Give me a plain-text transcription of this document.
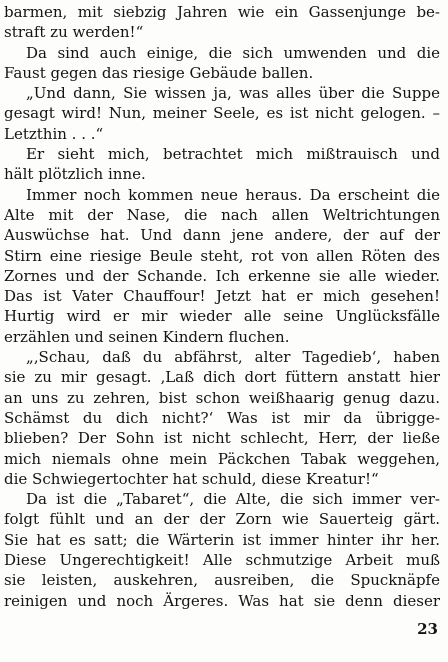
barmen, mit siebzig Jahren wie ein Gassenjunge be-
straft zu werden!“
Da sind auch einige, die sich umwenden und die
Faust gegen das riesige Gebäude ballen.
„Und dann, Sie wissen ja, was alles über die Suppe
gesagt wird! Nun, meiner Seele, es ist nicht gelogen. –
Letzthin . . .“
Er sieht mich, betrachtet mich mißtrauisch und
hält plötzlich inne.
Immer noch kommen neue heraus. Da erscheint die
Alte mit der Nase, die nach allen Weltrichtungen
Auswüchse hat. Und dann jene andere, der auf der
Stirn eine riesige Beule steht, rot von allen Röten des
Zornes und der Schande. Ich erkenne sie alle wieder.
Das ist Vater Chauffour! Jetzt hat er mich gesehen!
Hurtig wird er mir wieder alle seine Unglücksfälle
erzählen und seinen Kindern fluchen.
„‚Schau, daß du abfährst, alter Tagedieb‘, haben
sie zu mir gesagt. ‚Laß dich dort füttern anstatt hier
an uns zu zehren, bist schon weißhaarig genug dazu.
Schämst du dich nicht?‘ Was ist mir da übrigge-
blieben? Der Sohn ist nicht schlecht, Herr, der ließe
mich niemals ohne mein Päckchen Tabak weggehen,
die Schwiegertochter hat schuld, diese Kreatur!“
Da ist die „Tabaret“, die Alte, die sich immer ver-
folgt fühlt und an der der Zorn wie Sauerteig gärt.
Sie hat es satt; die Wärterin ist immer hinter ihr her.
Diese Ungerechtigkeit! Alle schmutzige Arbeit muß
sie leisten, auskehren, ausreiben, die Spucknäpfe
reinigen und noch Ärgeres. Was hat sie denn dieser
23
